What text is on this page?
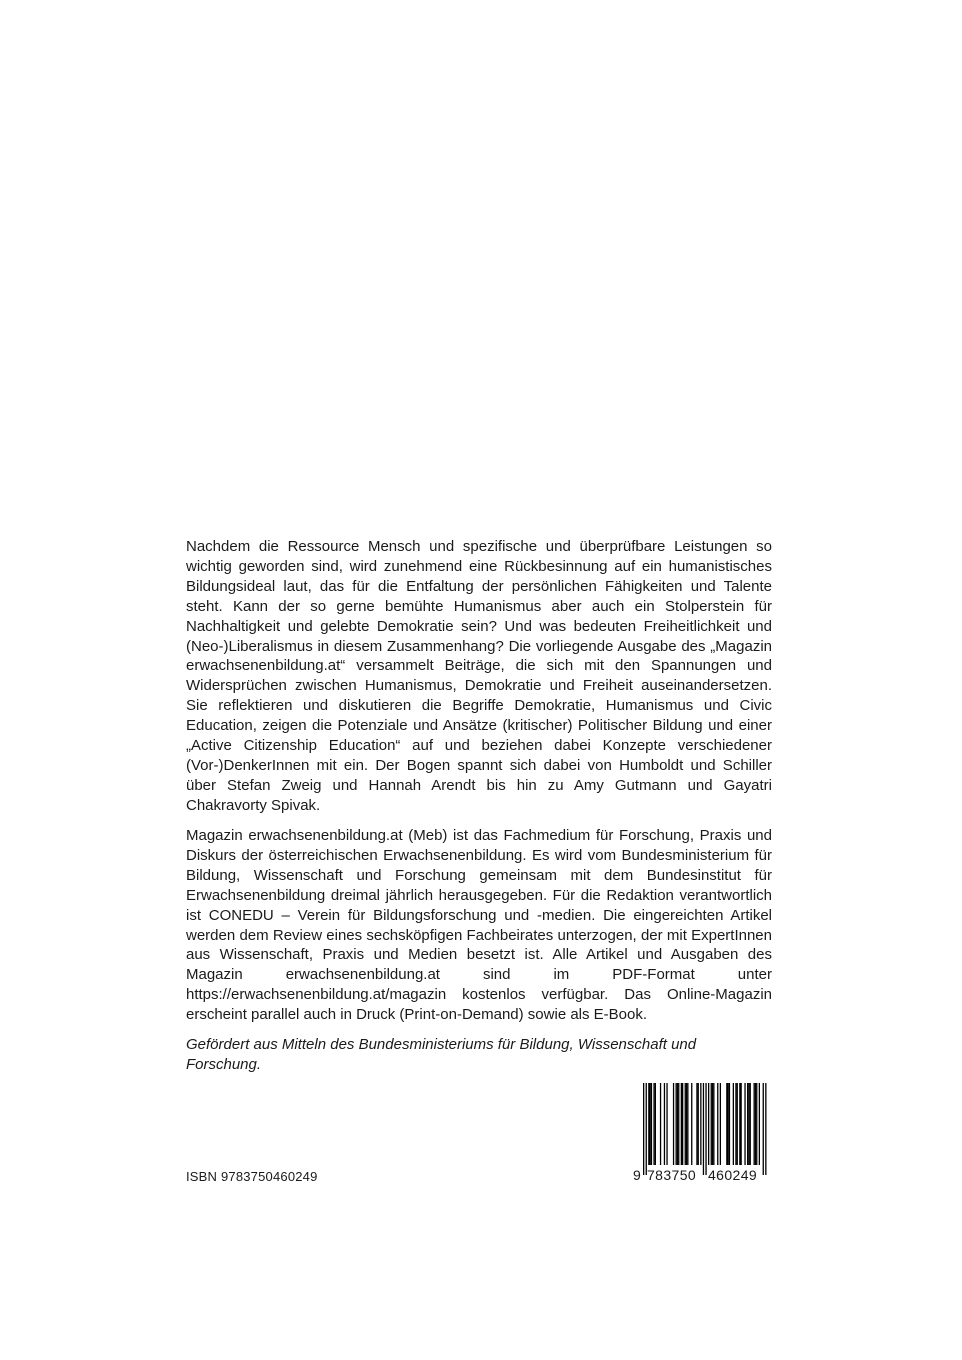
Nachdem die Ressource Mensch und spezifische und überprüfbare Leistungen so wichtig geworden sind, wird zunehmend eine Rückbesinnung auf ein humanistisches Bildungsideal laut, das für die Entfaltung der persönlichen Fähigkeiten und Talente steht. Kann der so gerne bemühte Humanismus aber auch ein Stolperstein für Nachhaltigkeit und gelebte Demokratie sein? Und was bedeuten Freiheitlichkeit und (Neo-)Liberalismus in diesem Zusammenhang? Die vorliegende Ausgabe des „Magazin erwachsenenbildung.at“ versammelt Beiträge, die sich mit den Spannungen und Widersprüchen zwischen Humanismus, Demokratie und Freiheit auseinandersetzen. Sie reflektieren und diskutieren die Begriffe Demokratie, Humanismus und Civic Education, zeigen die Potenziale und Ansätze (kritischer) Politischer Bildung und einer „Active Citizenship Education“ auf und beziehen dabei Konzepte verschiedener (Vor-)DenkerInnen mit ein. Der Bogen spannt sich dabei von Humboldt und Schiller über Stefan Zweig und Hannah Arendt bis hin zu Amy Gutmann und Gayatri Chakravorty Spivak.

Magazin erwachsenenbildung.at (Meb) ist das Fachmedium für Forschung, Praxis und Diskurs der österreichischen Erwachsenenbildung. Es wird vom Bundesministerium für Bildung, Wissenschaft und Forschung gemeinsam mit dem Bundesinstitut für Erwachsenenbildung dreimal jährlich herausgegeben. Für die Redaktion verantwortlich ist CONEDU – Verein für Bildungsforschung und -medien. Die eingereichten Artikel werden dem Review eines sechsköpfigen Fachbeirates unterzogen, der mit ExpertInnen aus Wissenschaft, Praxis und Medien besetzt ist. Alle Artikel und Ausgaben des Magazin erwachsenenbildung.at sind im PDF-Format unter https://erwachsenenbildung.at/magazin kostenlos verfügbar. Das Online-Magazin erscheint parallel auch in Druck (Print-on-Demand) sowie als E-Book.

Gefördert aus Mitteln des Bundesministeriums für Bildung, Wissenschaft und Forschung.

ISBN 9783750460249	9 783750 460249
